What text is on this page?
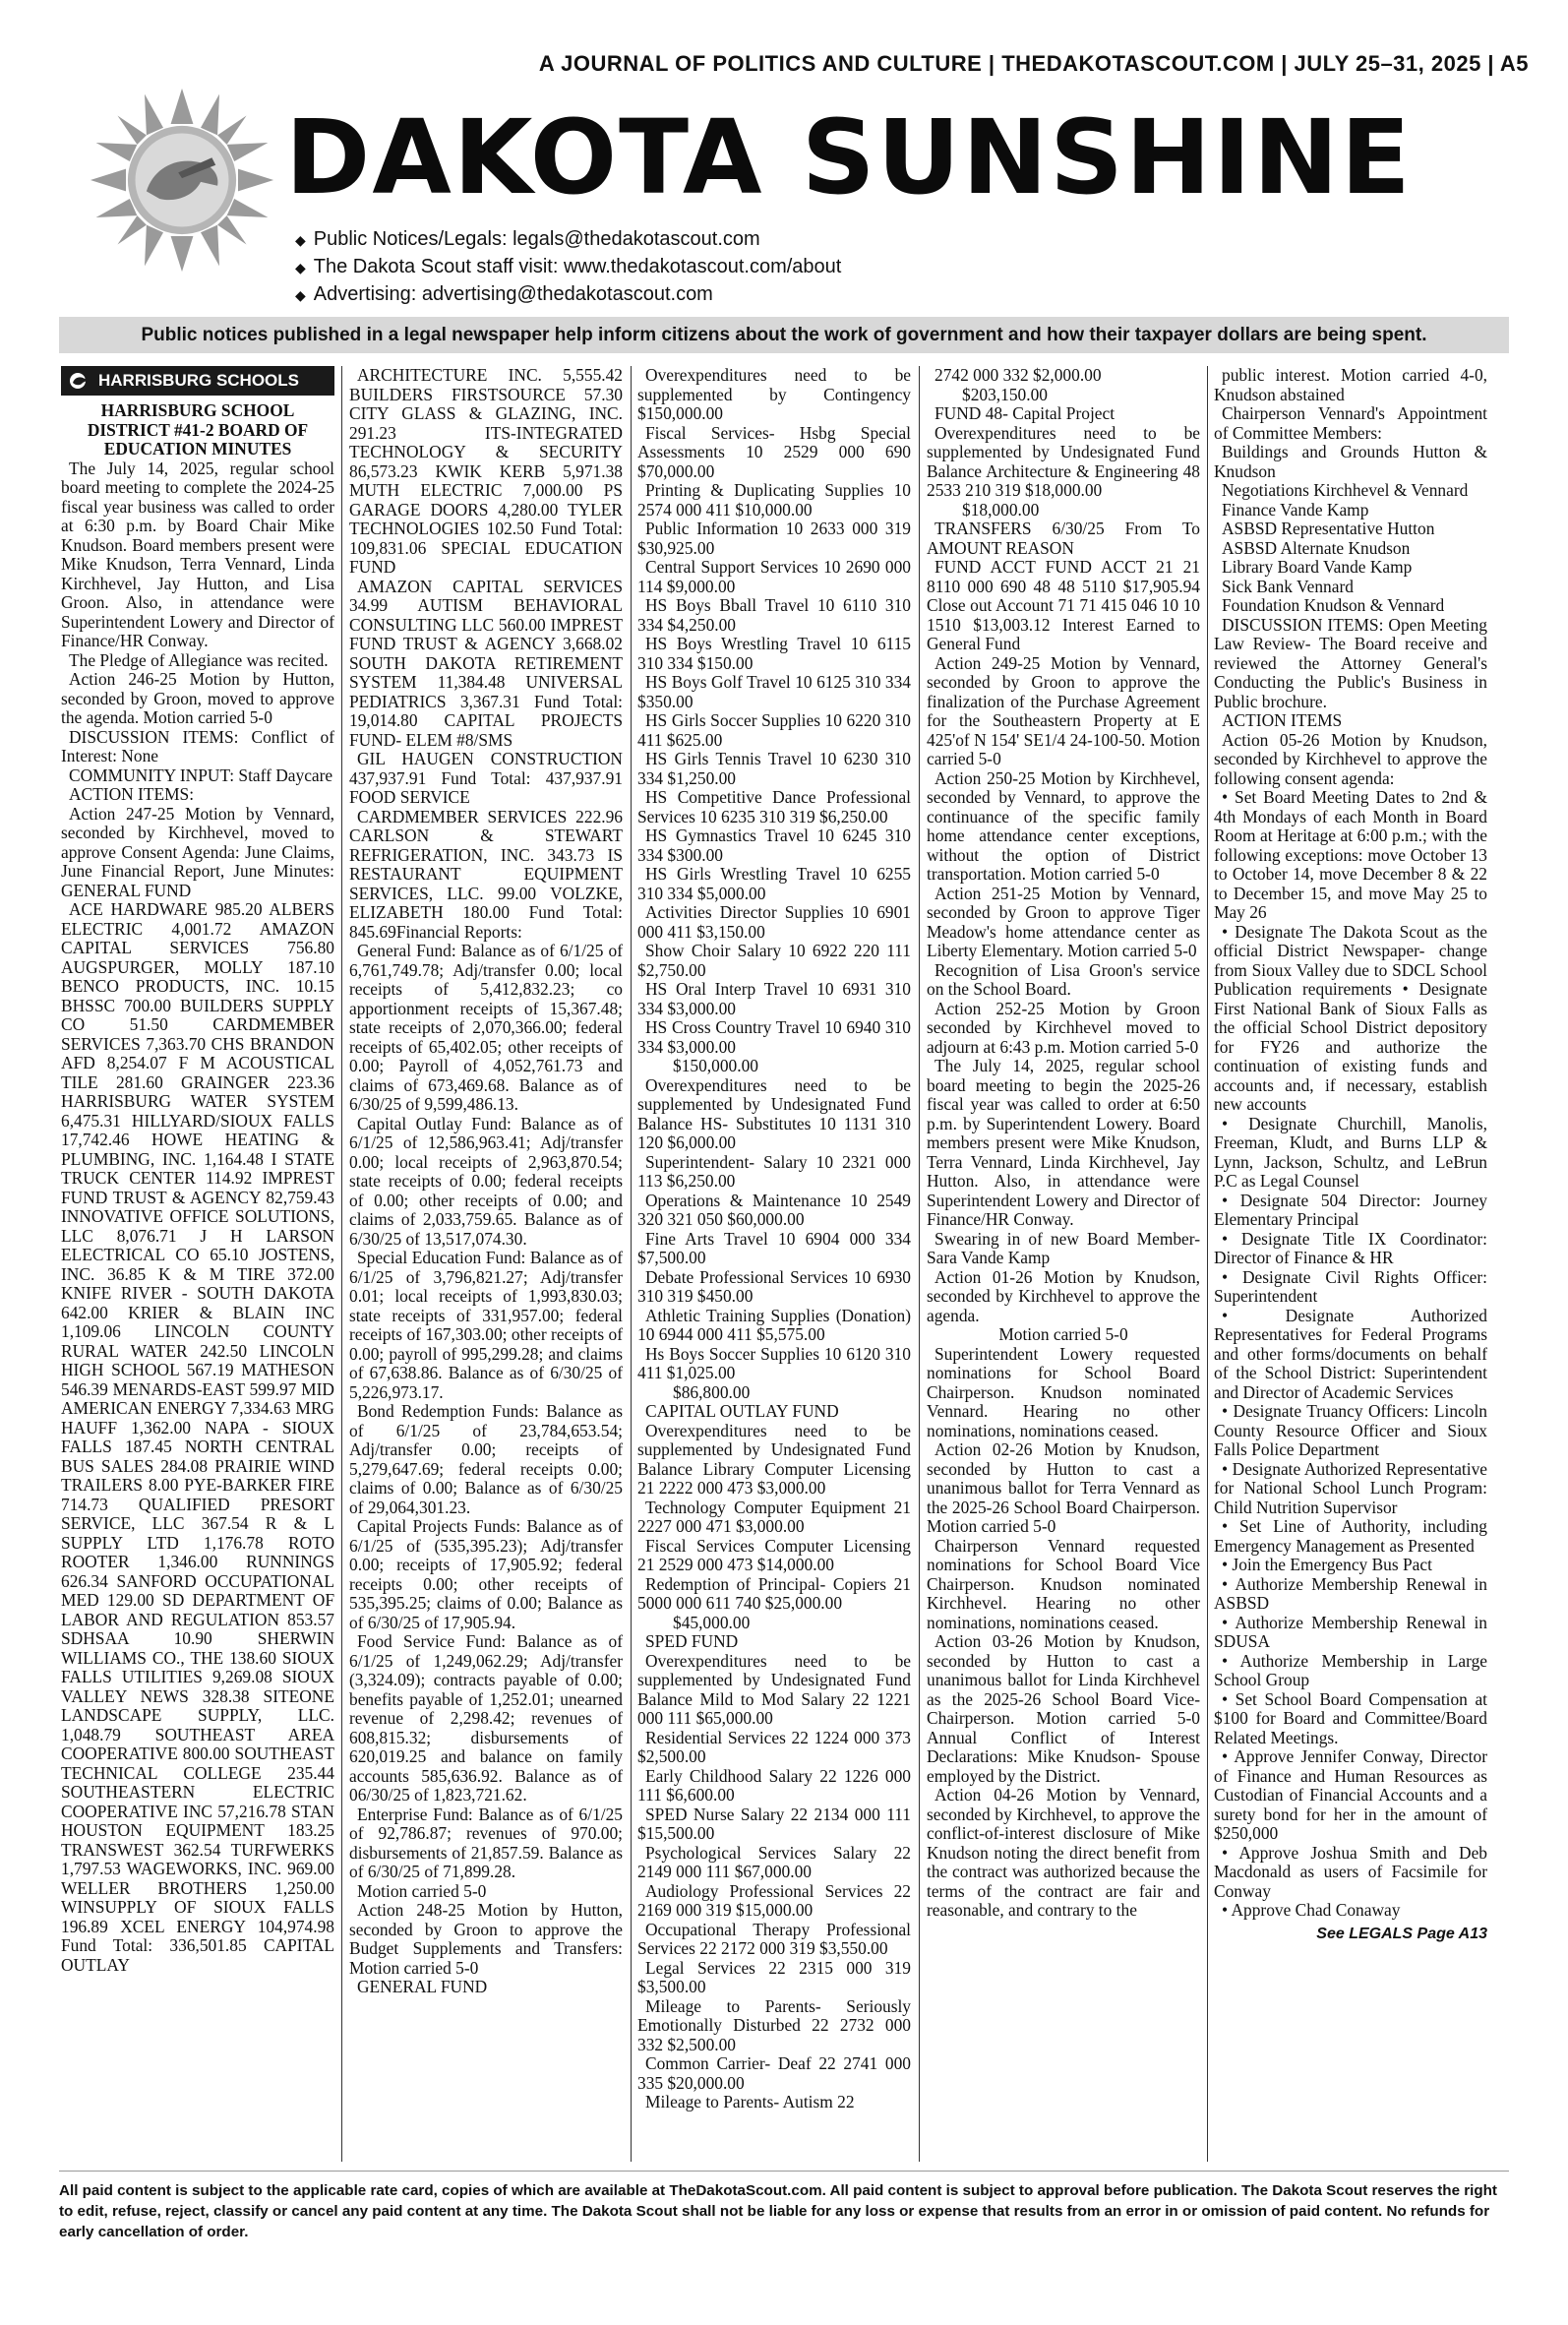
A JOURNAL OF POLITICS AND CULTURE | THEDAKOTASCOUT.COM | JULY 25–31, 2025 | A5
DAKOTA SUNSHINE
◆ Public Notices/Legals: legals@thedakotascout.com
◆ The Dakota Scout staff visit: www.thedakotascout.com/about
◆ Advertising: advertising@thedakotascout.com
Public notices published in a legal newspaper help inform citizens about the work of government and how their taxpayer dollars are being spent.
HARRISBURG SCHOOLS

HARRISBURG SCHOOL DISTRICT #41-2 BOARD OF EDUCATION MINUTES

The July 14, 2025, regular school board meeting to complete the 2024-25 fiscal year business was called to order at 6:30 p.m. by Board Chair Mike Knudson. Board members present were Mike Knudson, Terra Vennard, Linda Kirchhevel, Jay Hutton, and Lisa Groon. Also, in attendance were Superintendent Lowery and Director of Finance/HR Conway.

The Pledge of Allegiance was recited.

Action 246-25 Motion by Hutton, seconded by Groon, moved to approve the agenda. Motion carried 5-0

DISCUSSION ITEMS: Conflict of Interest: None

COMMUNITY INPUT: Staff Daycare

ACTION ITEMS:

Action 247-25 Motion by Vennard, seconded by Kirchhevel, moved to approve Consent Agenda: June Claims, June Financial Report, June Minutes: GENERAL FUND

ACE HARDWARE 985.20 ALBERS ELECTRIC 4,001.72 AMAZON CAPITAL SERVICES 756.80 AUGSPURGER, MOLLY 187.10 BENCO PRODUCTS, INC. 10.15 BHSSC 700.00 BUILDERS SUPPLY CO 51.50 CARDMEMBER SERVICES 7,363.70 CHS BRANDON AFD 8,254.07 F M ACOUSTICAL TILE 281.60 GRAINGER 223.36 HARRISBURG WATER SYSTEM 6,475.31 HILLYARD/SIOUX FALLS 17,742.46 HOWE HEATING & PLUMBING, INC. 1,164.48 I STATE TRUCK CENTER 114.92 IMPREST FUND TRUST & AGENCY 82,759.43 INNOVATIVE OFFICE SOLUTIONS, LLC 8,076.71 J H LARSON ELECTRICAL CO 65.10 JOSTENS, INC. 36.85 K & M TIRE 372.00 KNIFE RIVER - SOUTH DAKOTA 642.00 KRIER & BLAIN INC 1,109.06 LINCOLN COUNTY RURAL WATER 242.50 LINCOLN HIGH SCHOOL 567.19 MATHESON 546.39 MENARDS-EAST 599.97 MID AMERICAN ENERGY 7,334.63 MRG HAUFF 1,362.00 NAPA - SIOUX FALLS 187.45 NORTH CENTRAL BUS SALES 284.08 PRAIRIE WIND TRAILERS 8.00 PYE-BARKER FIRE 714.73 QUALIFIED PRESORT SERVICE, LLC 367.54 R & L SUPPLY LTD 1,176.78 ROTO ROOTER 1,346.00 RUNNINGS 626.34 SANFORD OCCUPATIONAL MED 129.00 SD DEPARTMENT OF LABOR AND REGULATION 853.57 SDHSAA 10.90 SHERWIN WILLIAMS CO., THE 138.60 SIOUX FALLS UTILITIES 9,269.08 SIOUX VALLEY NEWS 328.38 SITEONE LANDSCAPE SUPPLY, LLC. 1,048.79 SOUTHEAST AREA COOPERATIVE 800.00 SOUTHEAST TECHNICAL COLLEGE 235.44 SOUTHEASTERN ELECTRIC COOPERATIVE INC 57,216.78 STAN HOUSTON EQUIPMENT 183.25 TRANSWEST 362.54 TURFWERKS 1,797.53 WAGEWORKS, INC. 969.00 WELLER BROTHERS 1,250.00 WINSUPPLY OF SIOUX FALLS 196.89 XCEL ENERGY 104,974.98 Fund Total: 336,501.85 CAPITAL OUTLAY

ARCHITECTURE INC. 5,555.42 BUILDERS FIRSTSOURCE 57.30 CITY GLASS & GLAZING, INC. 291.23 ITS-INTEGRATED TECHNOLOGY & SECURITY 86,573.23 KWIK KERB 5,971.38 MUTH ELECTRIC 7,000.00 PS GARAGE DOORS 4,280.00 TYLER TECHNOLOGIES 102.50 Fund Total: 109,831.06 SPECIAL EDUCATION FUND

AMAZON CAPITAL SERVICES 34.99 AUTISM BEHAVIORAL CONSULTING LLC 560.00 IMPREST FUND TRUST & AGENCY 3,668.02 SOUTH DAKOTA RETIREMENT SYSTEM 11,384.48 UNIVERSAL PEDIATRICS 3,367.31 Fund Total: 19,014.80 CAPITAL PROJECTS FUND- ELEM #8/SMS

GIL HAUGEN CONSTRUCTION 437,937.91 Fund Total: 437,937.91 FOOD SERVICE

CARDMEMBER SERVICES 222.96 CARLSON & STEWART REFRIGERATION, INC. 343.73 IS RESTAURANT EQUIPMENT SERVICES, LLC. 99.00 VOLZKE, ELIZABETH 180.00 Fund Total: 845.69Financial Reports:

General Fund: Balance as of 6/1/25 of 6,761,749.78; Adj/transfer 0.00; local receipts of 5,412,832.23; co apportionment receipts of 15,367.48; state receipts of 2,070,366.00; federal receipts of 65,402.05; other receipts of 0.00; Payroll of 4,052,761.73 and claims of 673,469.68. Balance as of 6/30/25 of 9,599,486.13.

Capital Outlay Fund: Balance as of 6/1/25 of 12,586,963.41; Adj/transfer 0.00; local receipts of 2,963,870.54; state receipts of 0.00; federal receipts of 0.00; other receipts of 0.00; and claims of 2,033,759.65. Balance as of 6/30/25 of 13,517,074.30.

Special Education Fund: Balance as of 6/1/25 of 3,796,821.27; Adj/transfer 0.01; local receipts of 1,993,830.03; state receipts of 331,957.00; federal receipts of 167,303.00; other receipts of 0.00; payroll of 995,299.28; and claims of 67,638.86. Balance as of 6/30/25 of 5,226,973.17.

Bond Redemption Funds: Balance as of 6/1/25 of 23,784,653.54; Adj/transfer 0.00; receipts of 5,279,647.69; federal receipts 0.00; claims of 0.00; Balance as of 6/30/25 of 29,064,301.23.

Capital Projects Funds: Balance as of 6/1/25 of (535,395.23); Adj/transfer 0.00; receipts of 17,905.92; federal receipts 0.00; other receipts of 535,395.25; claims of 0.00; Balance as of 6/30/25 of 17,905.94.

Food Service Fund: Balance as of 6/1/25 of 1,249,062.29; Adj/transfer (3,324.09); contracts payable of 0.00; benefits payable of 1,252.01; unearned revenue of 2,298.42; revenues of 608,815.32; disbursements of 620,019.25 and balance on family accounts 585,636.92. Balance as of 06/30/25 of 1,823,721.62.

Enterprise Fund: Balance as of 6/1/25 of 92,786.87; revenues of 970.00; disbursements of 21,857.59. Balance as of 6/30/25 of 71,899.28.

Motion carried 5-0

Action 248-25 Motion by Hutton, seconded by Groon to approve the Budget Supplements and Transfers: Motion carried 5-0

GENERAL FUND

Overexpenditures need to be supplemented by Contingency $150,000.00

Fiscal Services- Hsbg Special Assessments 10 2529 000 690 $70,000.00

Printing & Duplicating Supplies 10 2574 000 411 $10,000.00

Public Information 10 2633 000 319 $30,925.00

Central Support Services 10 2690 000 114 $9,000.00

HS Boys Bball Travel 10 6110 310 334 $4,250.00

HS Boys Wrestling Travel 10 6115 310 334 $150.00

HS Boys Golf Travel 10 6125 310 334 $350.00

HS Girls Soccer Supplies 10 6220 310 411 $625.00

HS Girls Tennis Travel 10 6230 310 334 $1,250.00

HS Competitive Dance Professional Services 10 6235 310 319 $6,250.00

HS Gymnastics Travel 10 6245 310 334 $300.00

HS Girls Wrestling Travel 10 6255 310 334 $5,000.00

Activities Director Supplies 10 6901 000 411 $3,150.00

Show Choir Salary 10 6922 220 111 $2,750.00

HS Oral Interp Travel 10 6931 310 334 $3,000.00

HS Cross Country Travel 10 6940 310 334 $3,000.00

$150,000.00

Overexpenditures need to be supplemented by Undesignated Fund Balance HS- Substitutes 10 1131 310 120 $6,000.00

Superintendent- Salary 10 2321 000 113 $6,250.00

Operations & Maintenance 10 2549 320 321 050 $60,000.00

Fine Arts Travel 10 6904 000 334 $7,500.00

Debate Professional Services 10 6930 310 319 $450.00

Athletic Training Supplies (Donation) 10 6944 000 411 $5,575.00

Hs Boys Soccer Supplies 10 6120 310 411 $1,025.00

$86,800.00

CAPITAL OUTLAY FUND

Overexpenditures need to be supplemented by Undesignated Fund Balance Library Computer Licensing 21 2222 000 473 $3,000.00

Technology Computer Equipment 21 2227 000 471 $3,000.00

Fiscal Services Computer Licensing 21 2529 000 473 $14,000.00

Redemption of Principal- Copiers 21 5000 000 611 740 $25,000.00

$45,000.00

SPED FUND

Overexpenditures need to be supplemented by Undesignated Fund Balance Mild to Mod Salary 22 1221 000 111 $65,000.00

Residential Services 22 1224 000 373 $2,500.00

Early Childhood Salary 22 1226 000 111 $6,600.00

SPED Nurse Salary 22 2134 000 111 $15,500.00

Psychological Services Salary 22 2149 000 111 $67,000.00

Audiology Professional Services 22 2169 000 319 $15,000.00

Occupational Therapy Professional Services 22 2172 000 319 $3,550.00

Legal Services 22 2315 000 319 $3,500.00

Mileage to Parents- Seriously Emotionally Disturbed 22 2732 000 332 $2,500.00

Common Carrier- Deaf 22 2741 000 335 $20,000.00

Mileage to Parents- Autism 22

2742 000 332 $2,000.00

$203,150.00

FUND 48- Capital Project

Overexpenditures need to be supplemented by Undesignated Fund Balance Architecture & Engineering 48 2533 210 319 $18,000.00

$18,000.00

TRANSFERS 6/30/25 From To AMOUNT REASON

FUND ACCT FUND ACCT 21 21 8110 000 690 48 48 5110 $17,905.94 Close out Account 71 71 415 046 10 10 1510 $13,003.12 Interest Earned to General Fund

Action 249-25 Motion by Vennard, seconded by Groon to approve the finalization of the Purchase Agreement for the Southeastern Property at E 425'of N 154' SE1/4 24-100-50. Motion carried 5-0

Action 250-25 Motion by Kirchhevel, seconded by Vennard, to approve the continuance of the specific family home attendance center exceptions, without the option of District transportation. Motion carried 5-0

Action 251-25 Motion by Vennard, seconded by Groon to approve Tiger Meadow's home attendance center as Liberty Elementary. Motion carried 5-0

Recognition of Lisa Groon's service on the School Board.

Action 252-25 Motion by Groon seconded by Kirchhevel moved to adjourn at 6:43 p.m. Motion carried 5-0

The July 14, 2025, regular school board meeting to begin the 2025-26 fiscal year was called to order at 6:50 p.m. by Superintendent Lowery. Board members present were Mike Knudson, Terra Vennard, Linda Kirchhevel, Jay Hutton. Also, in attendance were Superintendent Lowery and Director of Finance/HR Conway.

Swearing in of new Board Member- Sara Vande Kamp

Action 01-26 Motion by Knudson, seconded by Kirchhevel to approve the agenda.

Motion carried 5-0

Superintendent Lowery requested nominations for School Board Chairperson. Knudson nominated Vennard. Hearing no other nominations, nominations ceased.

Action 02-26 Motion by Knudson, seconded by Hutton to cast a unanimous ballot for Terra Vennard as the 2025-26 School Board Chairperson. Motion carried 5-0

Chairperson Vennard requested nominations for School Board Vice Chairperson. Knudson nominated Kirchhevel. Hearing no other nominations, nominations ceased.

Action 03-26 Motion by Knudson, seconded by Hutton to cast a unanimous ballot for Linda Kirchhevel as the 2025-26 School Board Vice-Chairperson. Motion carried 5-0 Annual Conflict of Interest Declarations: Mike Knudson- Spouse employed by the District.

Action 04-26 Motion by Vennard, seconded by Kirchhevel, to approve the conflict-of-interest disclosure of Mike Knudson noting the direct benefit from the contract was authorized because the terms of the contract are fair and reasonable, and contrary to the

public interest. Motion carried 4-0, Knudson abstained

Chairperson Vennard's Appointment of Committee Members:

Buildings and Grounds Hutton & Knudson

Negotiations Kirchhevel & Vennard

Finance Vande Kamp

ASBSD Representative Hutton

ASBSD Alternate Knudson

Library Board Vande Kamp

Sick Bank Vennard

Foundation Knudson & Vennard

DISCUSSION ITEMS: Open Meeting Law Review- The Board receive and reviewed the Attorney General's Conducting the Public's Business in Public brochure.

ACTION ITEMS

Action 05-26 Motion by Knudson, seconded by Kirchhevel to approve the following consent agenda:

• Set Board Meeting Dates to 2nd & 4th Mondays of each Month in Board Room at Heritage at 6:00 p.m.; with the following exceptions: move October 13 to October 14, move December 8 & 22 to December 15, and move May 25 to May 26

• Designate The Dakota Scout as the official District Newspaper- change from Sioux Valley due to SDCL School Publication requirements • Designate First National Bank of Sioux Falls as the official School District depository for FY26 and authorize the continuation of existing funds and accounts and, if necessary, establish new accounts

• Designate Churchill, Manolis, Freeman, Kludt, and Burns LLP & Lynn, Jackson, Schultz, and LeBrun P.C as Legal Counsel

• Designate 504 Director: Journey Elementary Principal

• Designate Title IX Coordinator: Director of Finance & HR

• Designate Civil Rights Officer: Superintendent

• Designate Authorized Representatives for Federal Programs and other forms/documents on behalf of the School District: Superintendent and Director of Academic Services

• Designate Truancy Officers: Lincoln County Resource Officer and Sioux Falls Police Department

• Designate Authorized Representative for National School Lunch Program: Child Nutrition Supervisor

• Set Line of Authority, including Emergency Management as Presented

• Join the Emergency Bus Pact

• Authorize Membership Renewal in ASBSD

• Authorize Membership Renewal in SDUSA

• Authorize Membership in Large School Group

• Set School Board Compensation at $100 for Board and Committee/Board Related Meetings.

• Approve Jennifer Conway, Director of Finance and Human Resources as Custodian of Financial Accounts and a surety bond for her in the amount of $250,000

• Approve Joshua Smith and Deb Macdonald as users of Facsimile for Conway

• Approve Chad Conaway

See LEGALS Page A13

All paid content is subject to the applicable rate card, copies of which are available at TheDakotaScout.com. All paid content is subject to approval before publication. The Dakota Scout reserves the right to edit, refuse, reject, classify or cancel any paid content at any time. The Dakota Scout shall not be liable for any loss or expense that results from an error in or omission of paid content. No refunds for early cancellation of order.
